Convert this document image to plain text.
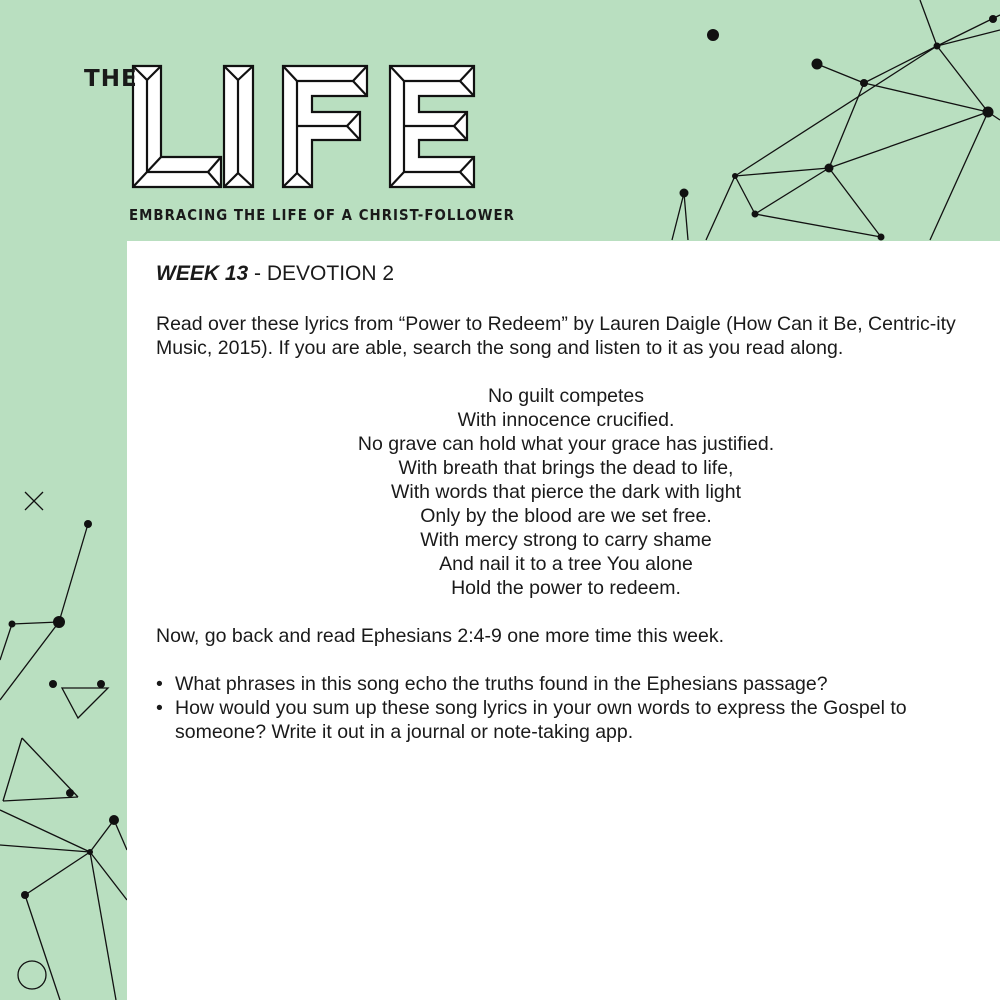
THE
EMBRACING THE LIFE OF A CHRIST-FOLLOWER

WEEK 13 - DEVOTION 2

Read over these lyrics from “Power to Redeem” by Lauren Daigle (How Can it Be, Centric-ity Music, 2015). If you are able, search the song and listen to it as you read along.

No guilt competes
With innocence crucified.
No grave can hold what your grace has justified.
With breath that brings the dead to life,
With words that pierce the dark with light
Only by the blood are we set free.
With mercy strong to carry shame
And nail it to a tree You alone
Hold the power to redeem.

Now, go back and read Ephesians 2:4-9 one more time this week.

• What phrases in this song echo the truths found in the Ephesians passage?
• How would you sum up these song lyrics in your own words to express the Gospel to someone? Write it out in a journal or note-taking app.
